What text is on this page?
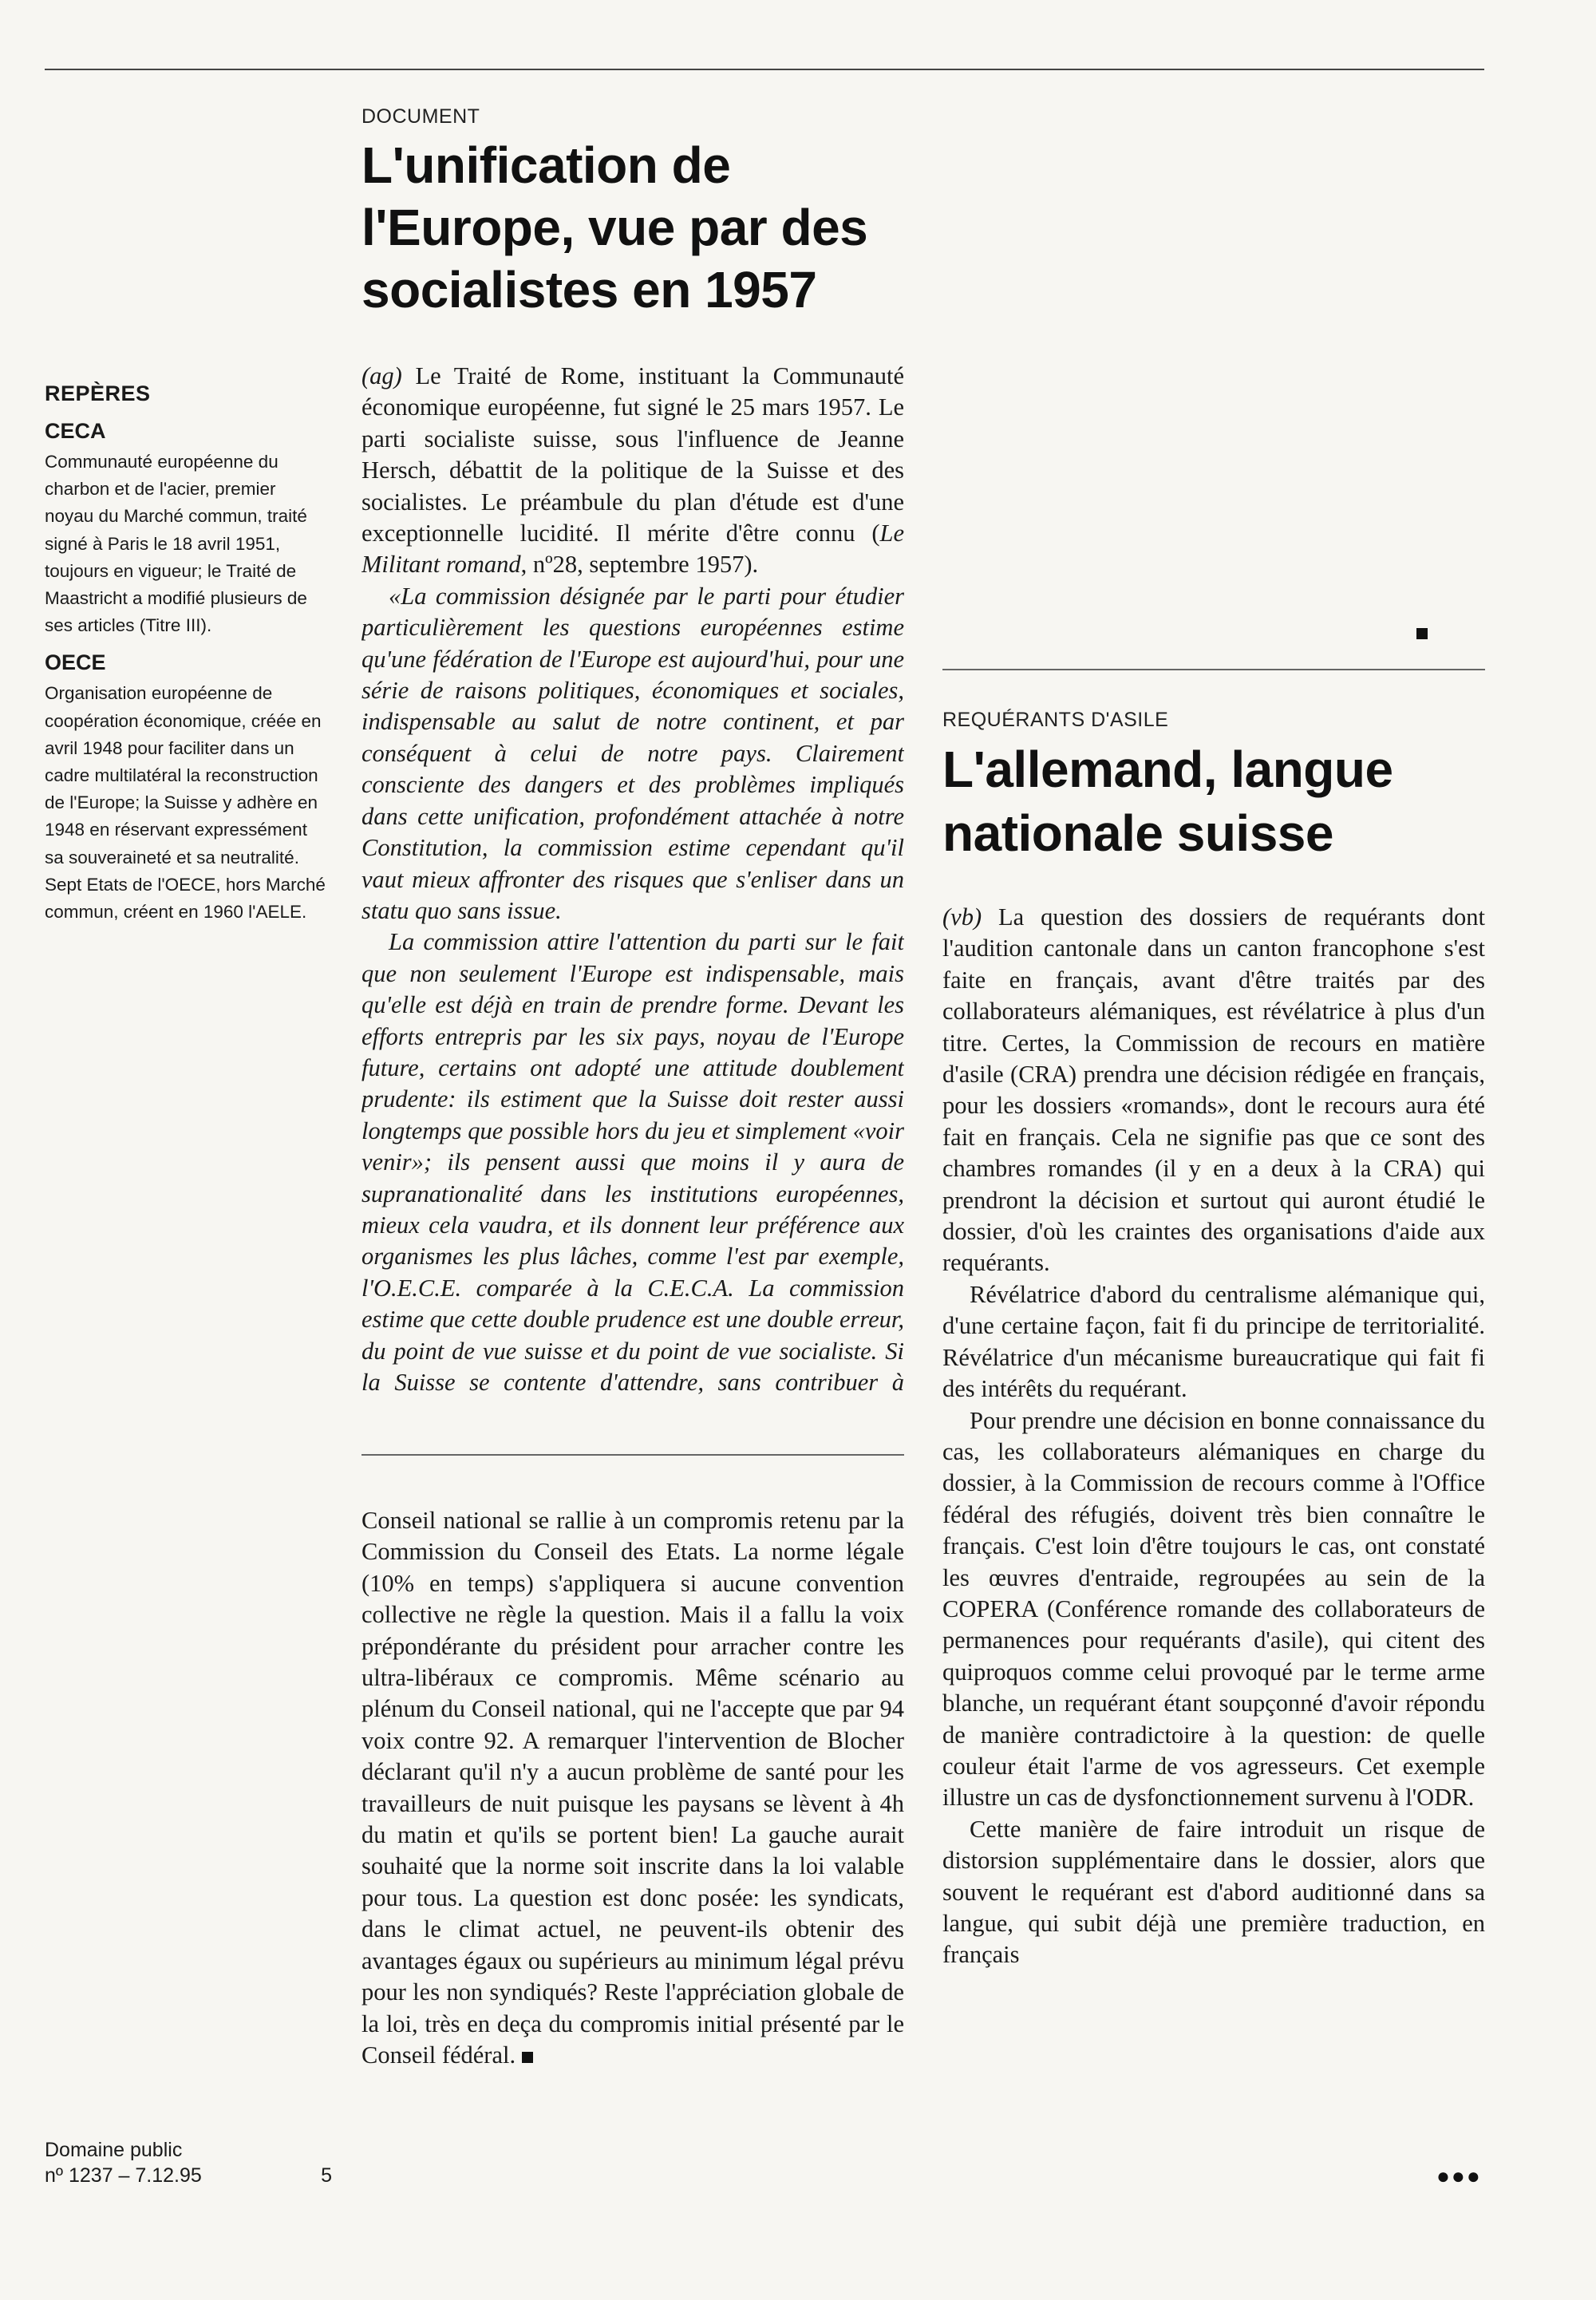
REPÈRES
CECA

Communauté européenne du charbon et de l'acier, premier noyau du Marché commun, traité signé à Paris le 18 avril 1951, toujours en vigueur; le Traité de Maastricht a modifié plusieurs de ses articles (Titre III).

OECE

Organisation européenne de coopération économique, créée en avril 1948 pour faciliter dans un cadre multilatéral la reconstruction de l'Europe; la Suisse y adhère en 1948 en réservant expressément sa souveraineté et sa neutralité. Sept Etats de l'OECE, hors Marché commun, créent en 1960 l'AELE.

Domaine public
nº 1237 – 7.12.95	5
DOCUMENT
L'unification de l'Europe, vue par des socialistes en 1957

(ag) Le Traité de Rome, instituant la Communauté économique européenne, fut signé le 25 mars 1957. Le parti socialiste suisse, sous l'influence de Jeanne Hersch, débattit de la politique de la Suisse et des socialistes. Le préambule du plan d'étude est d'une exceptionnelle lucidité. Il mérite d'être connu (Le Militant romand, nº28, septembre 1957).

«La commission désignée par le parti pour étudier particulièrement les questions européennes estime qu'une fédération de l'Europe est aujourd'hui, pour une série de raisons politiques, économiques et sociales, indispensable au salut de notre continent, et par conséquent à celui de notre pays. Clairement consciente des dangers et des problèmes impliqués dans cette unification, profondément attachée à notre Constitution, la commission estime cependant qu'il vaut mieux affronter des risques que s'enliser dans un statu quo sans issue.

La commission attire l'attention du parti sur le fait que non seulement l'Europe est indispensable, mais qu'elle est déjà en train de prendre forme. Devant les efforts entrepris par les six pays, noyau de l'Europe future, certains ont adopté une attitude doublement prudente: ils estiment que la Suisse doit rester aussi longtemps que possible hors du jeu et simplement «voir venir»; ils pensent aussi que moins il y aura de supranationalité dans les institutions européennes, mieux cela vaudra, et ils donnent leur préférence aux organismes les plus lâches, comme l'est par exemple, l'O.E.C.E. comparée à la C.E.C.A. La commission estime que cette double prudence est une double erreur, du point de vue suisse et du point de vue socialiste. Si la Suisse se contente d'attendre, sans contribuer à

Conseil national se rallie à un compromis retenu par la Commission du Conseil des Etats. La norme légale (10% en temps) s'appliquera si aucune convention collective ne règle la question. Mais il a fallu la voix prépondérante du président pour arracher contre les ultra-libéraux ce compromis. Même scénario au plénum du Conseil national, qui ne l'accepte que par 94 voix contre 92. A remarquer l'intervention de Blocher déclarant qu'il n'y a aucun problème de santé pour les travailleurs de nuit puisque les paysans se lèvent à 4h du matin et qu'ils se portent bien! La gauche aurait souhaité que la norme soit inscrite dans la loi valable pour tous. La question est donc posée: les syndicats, dans le climat actuel, ne peuvent-ils obtenir des avantages égaux ou supérieurs au minimum légal prévu pour les non syndiqués? Reste l'appréciation globale de la loi, très en deça du compromis initial présenté par le Conseil fédéral.

REQUÉRANTS D'ASILE
L'allemand, langue nationale suisse

(vb) La question des dossiers de requérants dont l'audition cantonale dans un canton francophone s'est faite en français, avant d'être traités par des collaborateurs alémaniques, est révélatrice à plus d'un titre. Certes, la Commission de recours en matière d'asile (CRA) prendra une décision rédigée en français, pour les dossiers «romands», dont le recours aura été fait en français. Cela ne signifie pas que ce sont des chambres romandes (il y en a deux à la CRA) qui prendront la décision et surtout qui auront étudié le dossier, d'où les craintes des organisations d'aide aux requérants.

Révélatrice d'abord du centralisme alémanique qui, d'une certaine façon, fait fi du principe de territorialité. Révélatrice d'un mécanisme bureaucratique qui fait fi des intérêts du requérant.

Pour prendre une décision en bonne connaissance du cas, les collaborateurs alémaniques en charge du dossier, à la Commission de recours comme à l'Office fédéral des réfugiés, doivent très bien connaître le français. C'est loin d'être toujours le cas, ont constaté les œuvres d'entraide, regroupées au sein de la COPERA (Conférence romande des collaborateurs de permanences pour requérants d'asile), qui citent des quiproquos comme celui provoqué par le terme arme blanche, un requérant étant soupçonné d'avoir répondu de manière contradictoire à la question: de quelle couleur était l'arme de vos agresseurs. Cet exemple illustre un cas de dysfonctionnement survenu à l'ODR.

Cette manière de faire introduit un risque de distorsion supplémentaire dans le dossier, alors que souvent le requérant est d'abord auditionné dans sa langue, qui subit déjà une première traduction, en français

●●●
